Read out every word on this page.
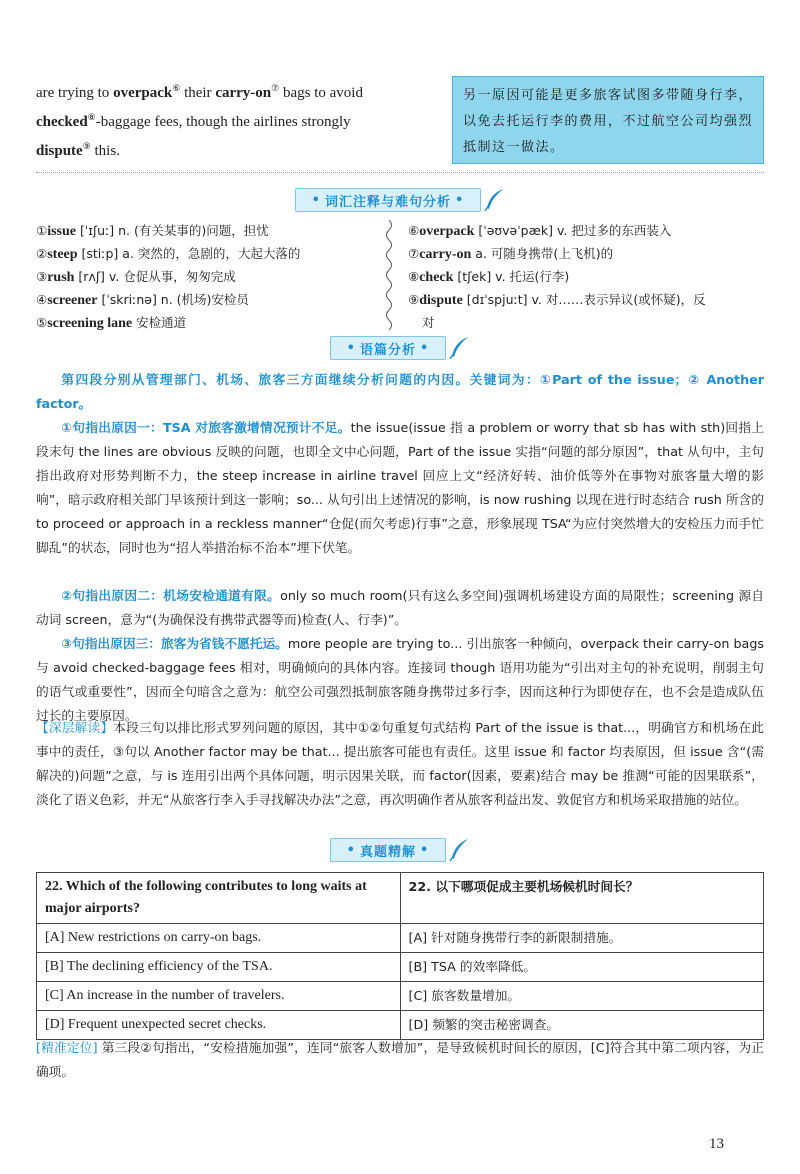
are trying to overpack⑥ their carry-on⑦ bags to avoid
checked⑧-baggage fees, though the airlines strongly
dispute⑨ this.
另一原因可能是更多旅客试图多带随身行李，以免去托运行李的费用，不过航空公司均强烈抵制这一做法。
• 词汇注释与难句分析 •
①issue [ˈɪʃuː] n. (有关某事的)问题，担忧
②steep [stiːp] a. 突然的，急剧的，大起大落的
③rush [rʌʃ] v. 仓促从事，匆匆完成
④screener [ˈskriːnə] n. (机场)安检员
⑤screening lane 安检通道
⑥overpack [ˈəʊvəˈpæk] v. 把过多的东西装入
⑦carry-on a. 可随身携带(上飞机)的
⑧check [tʃek] v. 托运(行李)
⑨dispute [dɪˈspjuːt] v. 对……表示异议(或怀疑)，反
对
• 语篇分析 •
第四段分别从管理部门、机场、旅客三方面继续分析问题的内因。关键词为：①Part of the issue；② Another factor。
①句指出原因一：TSA 对旅客激增情况预计不足。the issue(issue 指 a problem or worry that sb has with sth)回指上段末句 the lines are obvious 反映的问题，也即全文中心问题，Part of the issue 实指“问题的部分原因”，that 从句中，主句指出政府对形势判断不力，the steep increase in airline travel 回应上文“经济好转、油价低等外在事物对旅客量大增的影响”，暗示政府相关部门早该预计到这一影响；so... 从句引出上述情况的影响，is now rushing 以现在进行时态结合 rush 所含的 to proceed or approach in a reckless manner“仓促(而欠考虑)行事”之意，形象展现 TSA“为应付突然增大的安检压力而手忙脚乱”的状态，同时也为“招人举措治标不治本”埋下伏笔。
②句指出原因二：机场安检通道有限。only so much room(只有这么多空间)强调机场建设方面的局限性；screening 源自动词 screen，意为“(为确保没有携带武器等而)检查(人、行李)”。
③句指出原因三：旅客为省钱不愿托运。more people are trying to... 引出旅客一种倾向，overpack their carry-on bags 与 avoid checked-baggage fees 相对，明确倾向的具体内容。连接词 though 语用功能为“引出对主句的补充说明，削弱主句的语气或重要性”，因而全句暗含之意为：航空公司强烈抵制旅客随身携带过多行李，因而这种行为即使存在，也不会是造成队伍过长的主要原因。
【深层解读】本段三句以排比形式罗列问题的原因，其中①②句重复句式结构 Part of the issue is that...，明确官方和机场在此事中的责任，③句以 Another factor may be that... 提出旅客可能也有责任。这里 issue 和 factor 均表原因，但 issue 含“(需解决的)问题”之意，与 is 连用引出两个具体问题，明示因果关联，而 factor(因素，要素)结合 may be 推测“可能的因果联系”，淡化了语义色彩，并无“从旅客行李入手寻找解决办法”之意，再次明确作者从旅客利益出发、敦促官方和机场采取措施的站位。
• 真题精解 •
22. Which of the following contributes to long waits at major airports?	22. 以下哪项促成主要机场候机时间长？
[A] New restrictions on carry-on bags.	[A] 针对随身携带行李的新限制措施。
[B] The declining efficiency of the TSA.	[B] TSA 的效率降低。
[C] An increase in the number of travelers.	[C] 旅客数量增加。
[D] Frequent unexpected secret checks.	[D] 频繁的突击秘密调查。
[精准定位] 第三段②句指出，“安检措施加强”，连同“旅客人数增加”，是导致候机时间长的原因，[C]符合其中第二项内容，为正确项。
13
